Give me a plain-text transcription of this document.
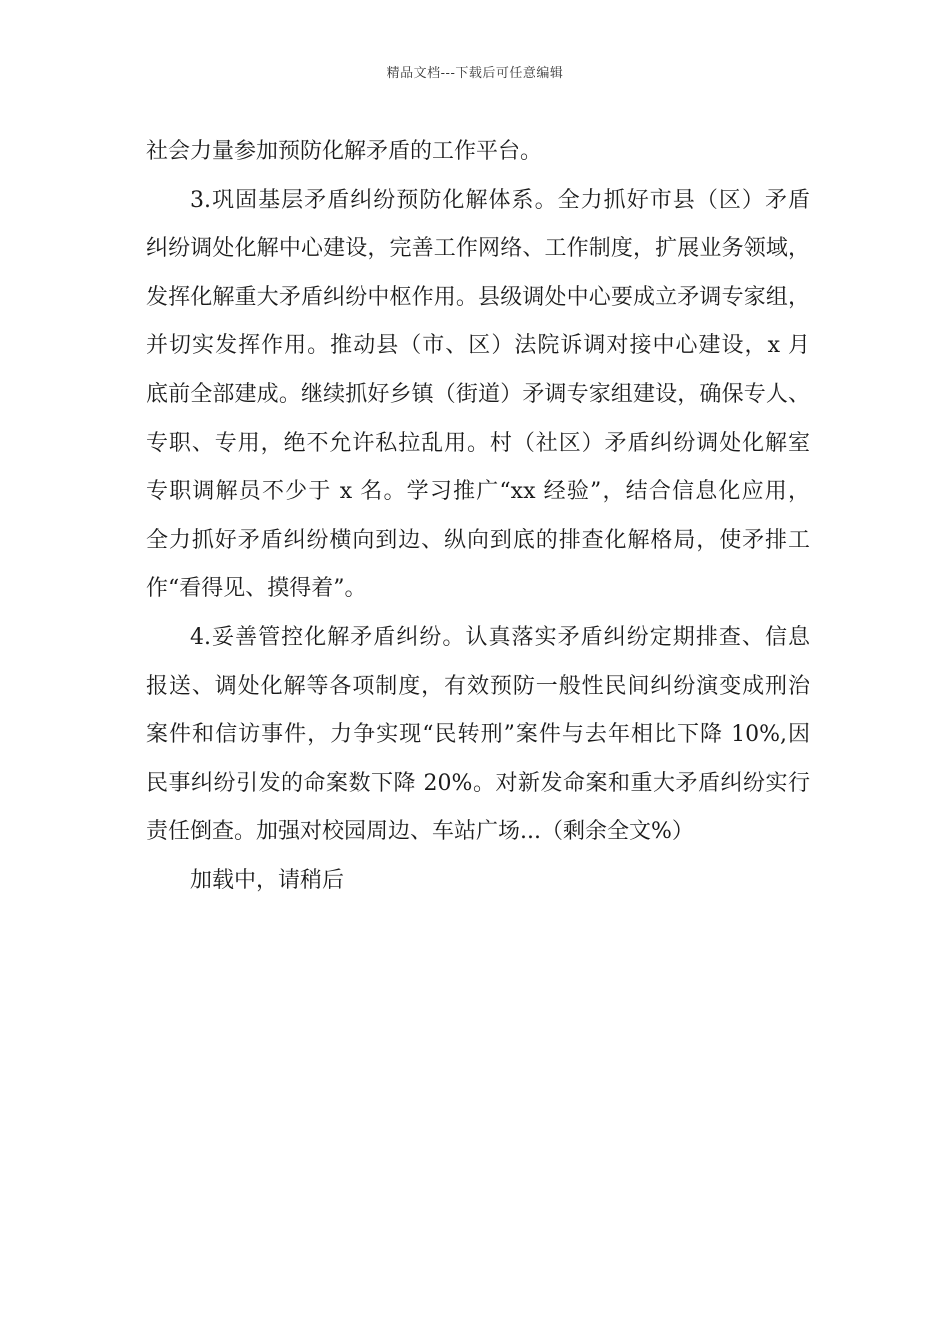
精品文档---下载后可任意编辑
社会力量参加预防化解矛盾的工作平台。
3.巩固基层矛盾纠纷预防化解体系。全力抓好市县（区）矛盾
纠纷调处化解中心建设，完善工作网络、工作制度，扩展业务领域，
发挥化解重大矛盾纠纷中枢作用。县级调处中心要成立矛调专家组，
并切实发挥作用。推动县（市、区）法院诉调对接中心建设，x 月
底前全部建成。继续抓好乡镇（街道）矛调专家组建设，确保专人、
专职、专用，绝不允许私拉乱用。村（社区）矛盾纠纷调处化解室
专职调解员不少于 x 名。学习推广“xx 经验”，结合信息化应用，
全力抓好矛盾纠纷横向到边、纵向到底的排查化解格局，使矛排工
作“看得见、摸得着”。
4.妥善管控化解矛盾纠纷。认真落实矛盾纠纷定期排查、信息
报送、调处化解等各项制度，有效预防一般性民间纠纷演变成刑治
案件和信访事件，力争实现“民转刑”案件与去年相比下降 10%,因
民事纠纷引发的命案数下降 20%。对新发命案和重大矛盾纠纷实行
责任倒查。加强对校园周边、车站广场...（剩余全文%）
加载中，请稍后
